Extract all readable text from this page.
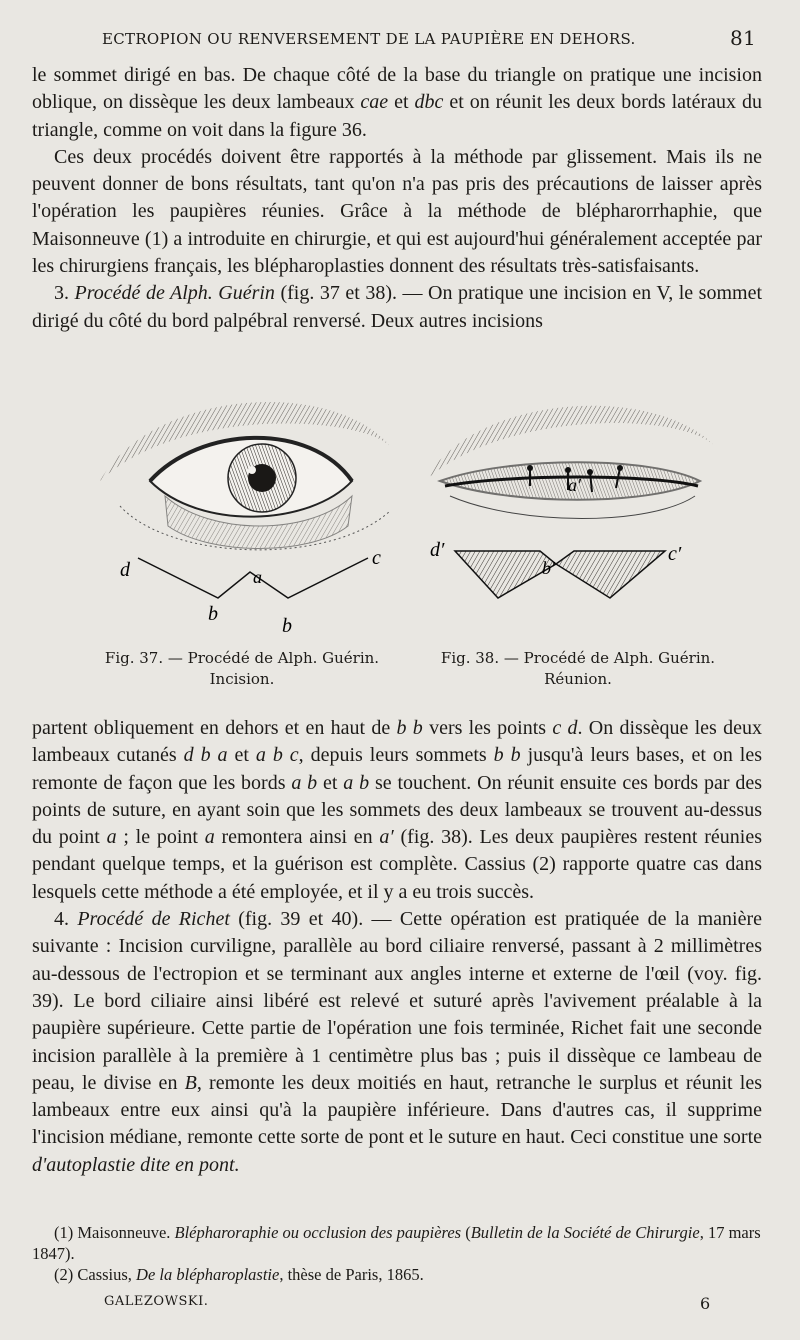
ECTROPION OU RENVERSEMENT DE LA PAUPIÈRE EN DEHORS.	81

le sommet dirigé en bas. De chaque côté de la base du triangle on pratique une incision oblique, on dissèque les deux lambeaux cae et dbc et on réunit les deux bords latéraux du triangle, comme on voit dans la figure 36.

Ces deux procédés doivent être rapportés à la méthode par glissement. Mais ils ne peuvent donner de bons résultats, tant qu'on n'a pas pris des précautions de laisser après l'opération les paupières réunies. Grâce à la méthode de blépharorrhaphie, que Maisonneuve (1) a introduite en chirurgie, et qui est aujourd'hui généralement acceptée par les chirurgiens français, les blépharoplasties donnent des résultats très-satisfaisants.

3. Procédé de Alph. Guérin (fig. 37 et 38). — On pratique une incision en V, le sommet dirigé du côté du bord palpébral renversé. Deux autres incisions

d	a
c
b
b
d′
a′
b′
c′
Fig. 37. — Procédé de Alph. Guérin.
Incision.
Fig. 38. — Procédé de Alph. Guérin.
Réunion.

partent obliquement en dehors et en haut de b b vers les points c d. On dissèque les deux lambeaux cutanés d b a et a b c, depuis leurs sommets b b jusqu'à leurs bases, et on les remonte de façon que les bords a b et a b se touchent. On réunit ensuite ces bords par des points de suture, en ayant soin que les sommets des deux lambeaux se trouvent au-dessus du point a ; le point a remontera ainsi en a′ (fig. 38). Les deux paupières restent réunies pendant quelque temps, et la guérison est complète. Cassius (2) rapporte quatre cas dans lesquels cette méthode a été employée, et il y a eu trois succès.

4. Procédé de Richet (fig. 39 et 40). — Cette opération est pratiquée de la manière suivante : Incision curviligne, parallèle au bord ciliaire renversé, passant à 2 millimètres au-dessous de l'ectropion et se terminant aux angles interne et externe de l'œil (voy. fig. 39). Le bord ciliaire ainsi libéré est relevé et suturé après l'avivement préalable à la paupière supérieure. Cette partie de l'opération une fois terminée, Richet fait une seconde incision parallèle à la première à 1 centimètre plus bas ; puis il dissèque ce lambeau de peau, le divise en B, remonte les deux moitiés en haut, retranche le surplus et réunit les lambeaux entre eux ainsi qu'à la paupière inférieure. Dans d'autres cas, il supprime l'incision médiane, remonte cette sorte de pont et le suture en haut. Ceci constitue une sorte d'autoplastie dite en pont.

(1) Maisonneuve. Blépharoraphie ou occlusion des paupières (Bulletin de la Société de Chirurgie, 17 mars 1847).

(2) Cassius, De la blépharoplastie, thèse de Paris, 1865.

GALEZOWSKI.	6
